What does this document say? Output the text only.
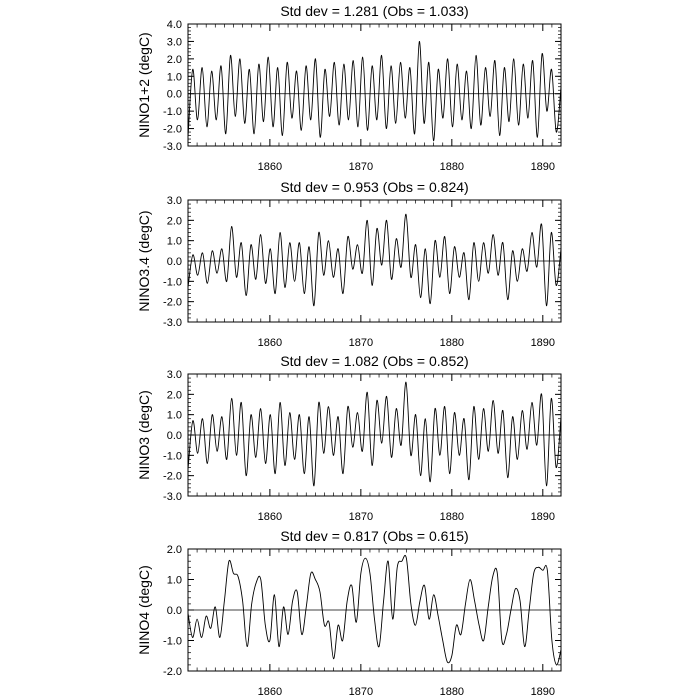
Std dev = 1.281 (Obs = 1.033)
NINO1+2 (degC)
4.0
3.0
2.0
1.0
0.0
-1.0
-2.0
-3.0
1860	1870	1880	1890
Std dev = 0.953 (Obs = 0.824)
NINO3.4 (degC)
3.0
2.0
1.0
0.0
-1.0
-2.0
-3.0
1860	1870	1880	1890
Std dev = 1.082 (Obs = 0.852)
NINO3 (degC)
3.0
2.0
1.0
0.0
-1.0
-2.0
-3.0
1860	1870	1880	1890
Std dev = 0.817 (Obs = 0.615)
NINO4 (degC)
2.0
1.0
0.0
-1.0
-2.0
1860	1870	1880	1890
